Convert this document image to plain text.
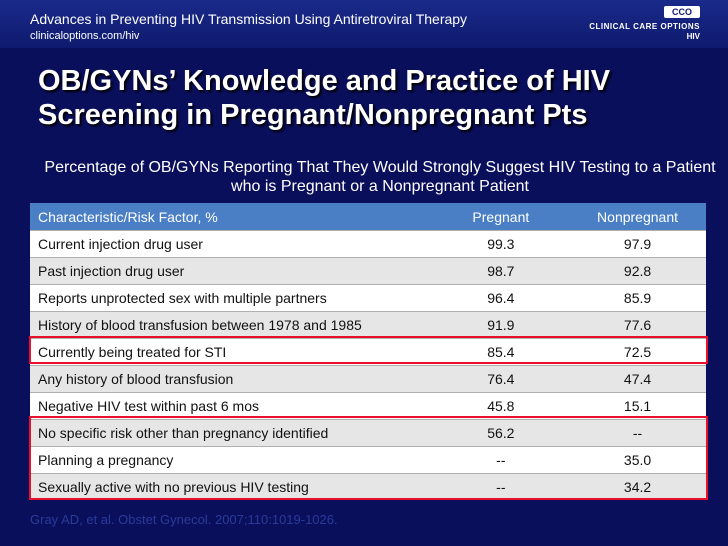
Advances in Preventing HIV Transmission Using Antiretroviral Therapy
clinicaloptions.com/hiv
CCO
CLINICAL CARE OPTIONS
HIV
OB/GYNs’ Knowledge and Practice of HIV Screening in Pregnant/Nonpregnant Pts
Percentage of OB/GYNs Reporting That They Would Strongly Suggest HIV Testing to a Patient who is Pregnant or a Nonpregnant Patient
Characteristic/Risk Factor, %	Pregnant	Nonpregnant
Current injection drug user	99.3	97.9
Past injection drug user	98.7	92.8
Reports unprotected sex with multiple partners	96.4	85.9
History of blood transfusion between 1978 and 1985	91.9	77.6
Currently being treated for STI	85.4	72.5
Any history of blood transfusion	76.4	47.4
Negative HIV test within past 6 mos	45.8	15.1
No specific risk other than pregnancy identified	56.2	--
Planning a pregnancy	--	35.0
Sexually active with no previous HIV testing	--	34.2
Gray AD, et al. Obstet Gynecol. 2007;110:1019-1026.
